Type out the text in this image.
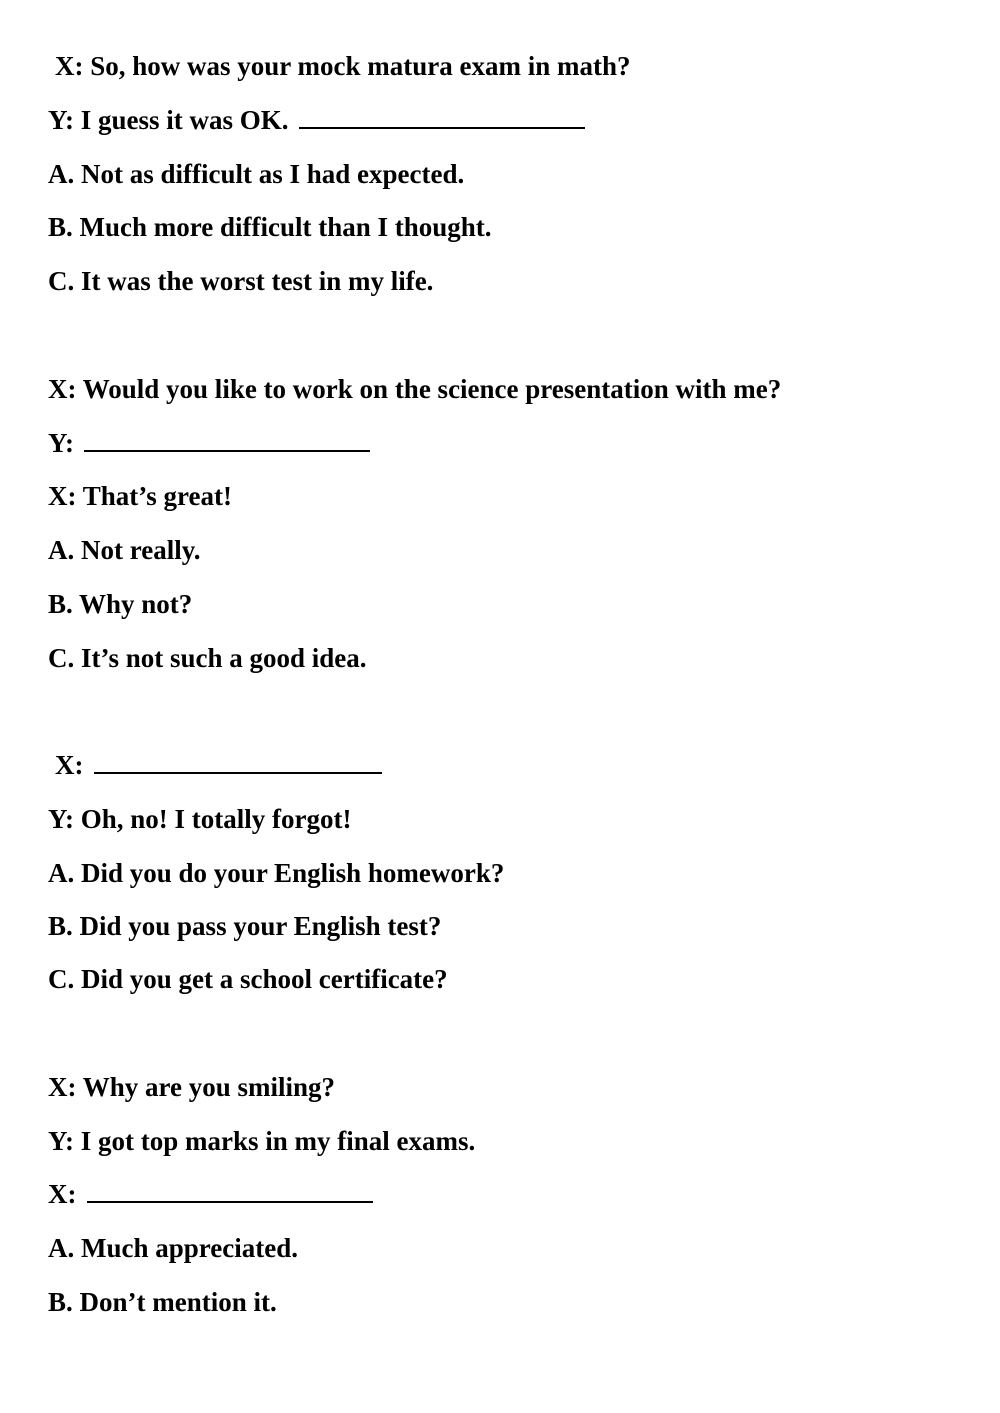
X: So, how was your mock matura exam in math?
Y: I guess it was OK.
A. Not as difficult as I had expected.
B. Much more difficult than I thought.
C. It was the worst test in my life.
X: Would you like to work on the science presentation with me?
Y:
X: That’s great!
A. Not really.
B. Why not?
C. It’s not such a good idea.
X:
Y: Oh, no! I totally forgot!
A. Did you do your English homework?
B. Did you pass your English test?
C. Did you get a school certificate?
X: Why are you smiling?
Y: I got top marks in my final exams.
X:
A. Much appreciated.
B. Don’t mention it.
